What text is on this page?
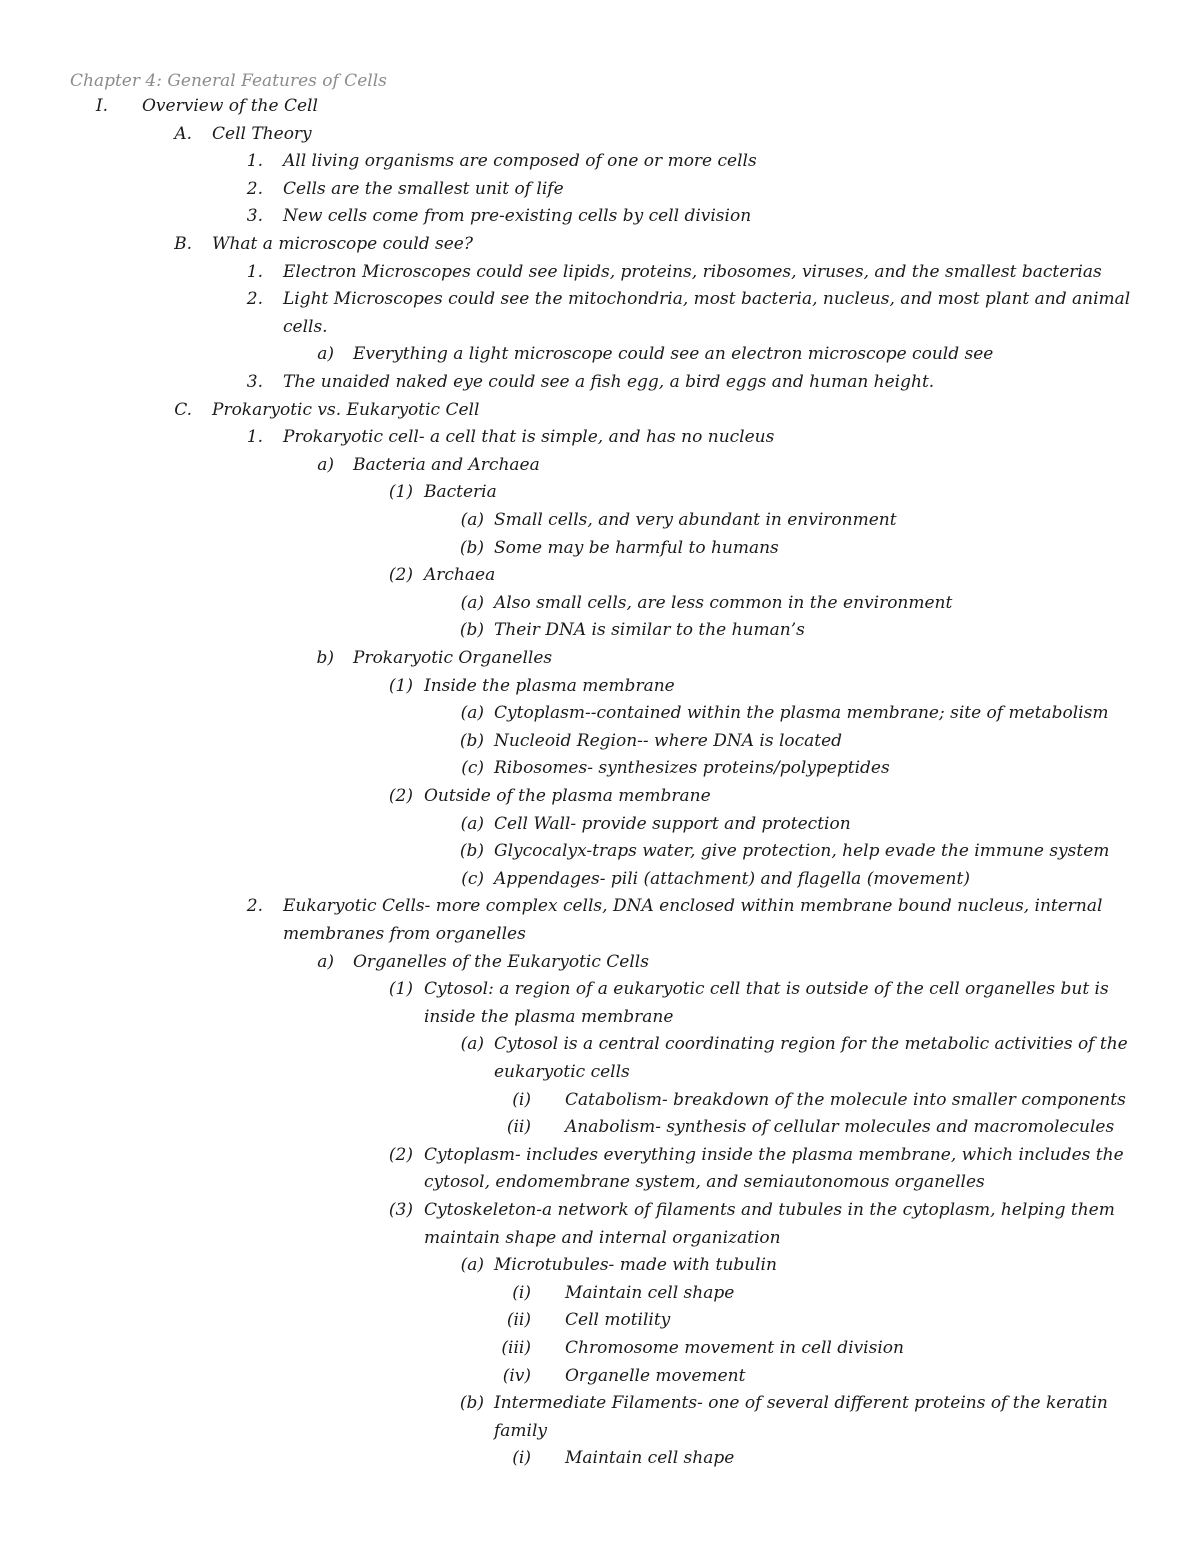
Chapter 4: General Features of Cells
I. Overview of the Cell
A. Cell Theory
1. All living organisms are composed of one or more cells
2. Cells are the smallest unit of life
3. New cells come from pre-existing cells by cell division
B. What a microscope could see?
1. Electron Microscopes could see lipids, proteins, ribosomes, viruses, and the smallest bacterias
2. Light Microscopes could see the mitochondria, most bacteria, nucleus, and most plant and animal
cells.
a) Everything a light microscope could see an electron microscope could see
3. The unaided naked eye could see a fish egg, a bird eggs and human height.
C. Prokaryotic vs. Eukaryotic Cell
1. Prokaryotic cell- a cell that is simple, and has no nucleus
a) Bacteria and Archaea
(1) Bacteria
(a) Small cells, and very abundant in environment
(b) Some may be harmful to humans
(2) Archaea
(a) Also small cells, are less common in the environment
(b) Their DNA is similar to the human’s
b) Prokaryotic Organelles
(1) Inside the plasma membrane
(a) Cytoplasm--contained within the plasma membrane; site of metabolism
(b) Nucleoid Region-- where DNA is located
(c) Ribosomes- synthesizes proteins/polypeptides
(2) Outside of the plasma membrane
(a) Cell Wall- provide support and protection
(b) Glycocalyx-traps water, give protection, help evade the immune system
(c) Appendages- pili (attachment) and flagella (movement)
2. Eukaryotic Cells- more complex cells, DNA enclosed within membrane bound nucleus, internal
membranes from organelles
a) Organelles of the Eukaryotic Cells
(1) Cytosol: a region of a eukaryotic cell that is outside of the cell organelles but is
inside the plasma membrane
(a) Cytosol is a central coordinating region for the metabolic activities of the
eukaryotic cells
(i) Catabolism- breakdown of the molecule into smaller components
(ii) Anabolism- synthesis of cellular molecules and macromolecules
(2) Cytoplasm- includes everything inside the plasma membrane, which includes the
cytosol, endomembrane system, and semiautonomous organelles
(3) Cytoskeleton-a network of filaments and tubules in the cytoplasm, helping them
maintain shape and internal organization
(a) Microtubules- made with tubulin
(i) Maintain cell shape
(ii) Cell motility
(iii) Chromosome movement in cell division
(iv) Organelle movement
(b) Intermediate Filaments- one of several different proteins of the keratin
family
(i) Maintain cell shape
